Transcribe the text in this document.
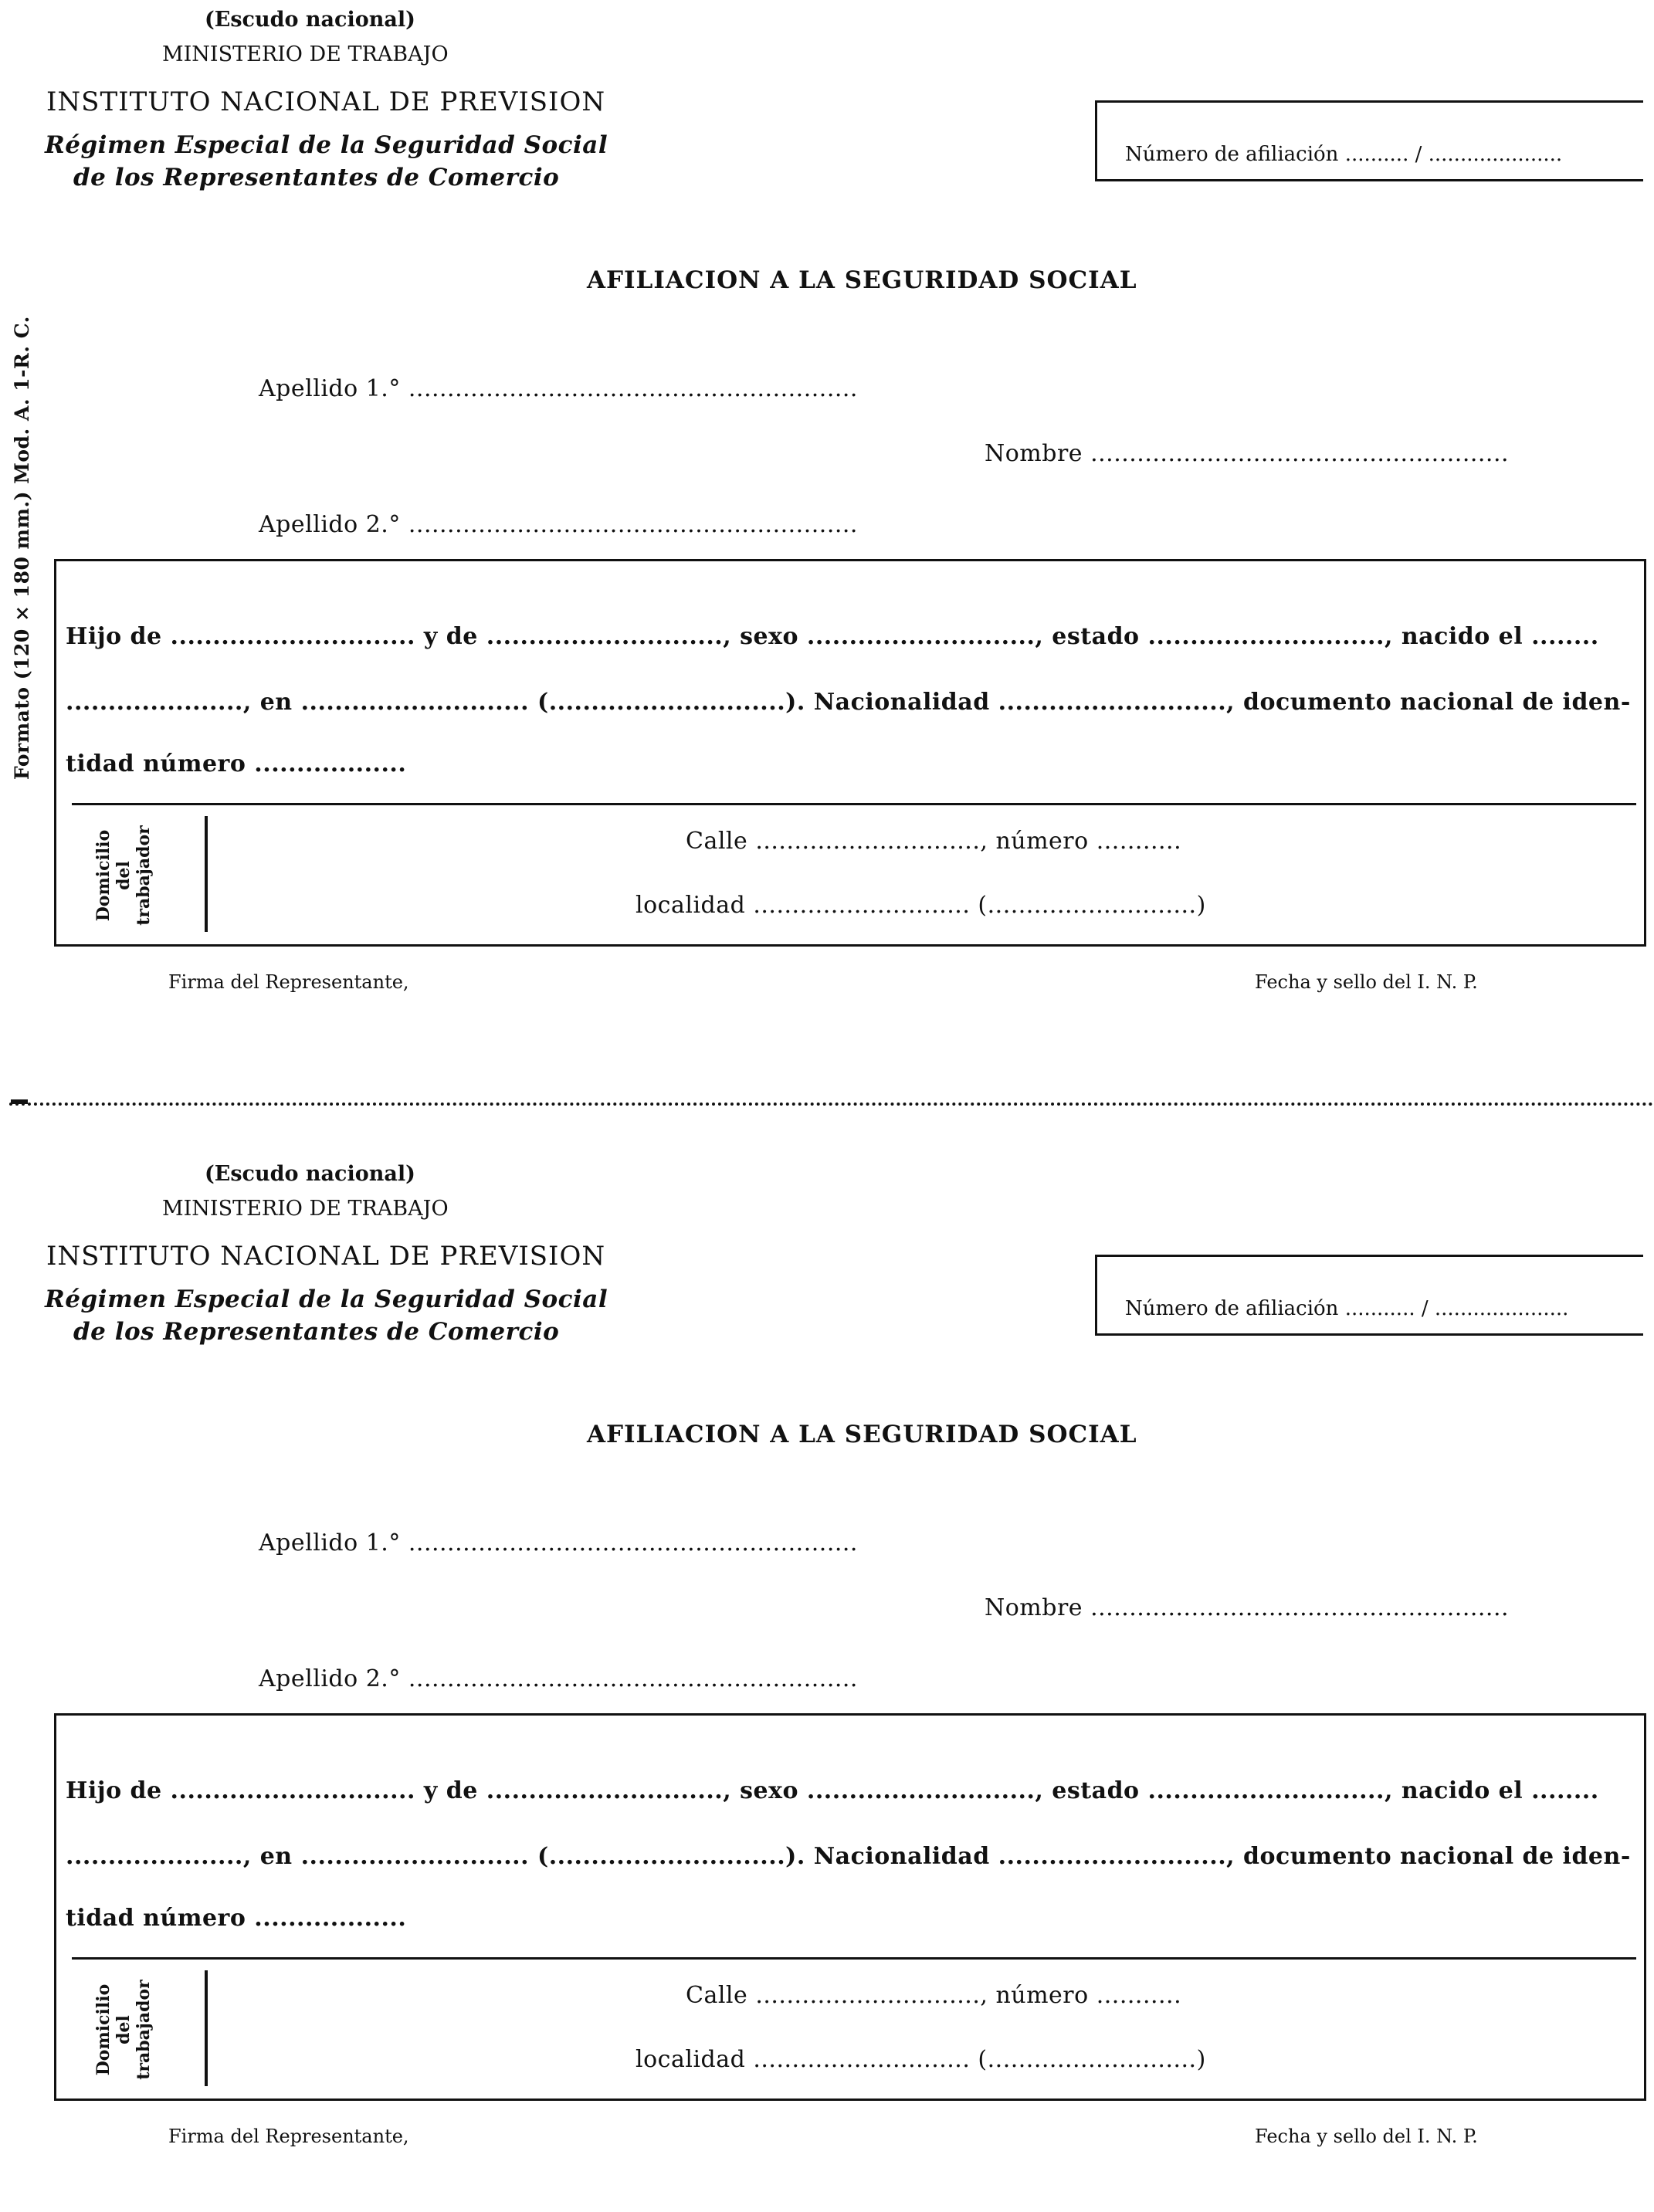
Formato (120 × 180 mm.) Mod. A. 1-R. C.
(Escudo nacional)
MINISTERIO DE TRABAJO
INSTITUTO NACIONAL DE PREVISION
Régimen Especial de la Seguridad Social
de los Representantes de Comercio
Número de afiliación .......... / .....................
AFILIACION A LA SEGURIDAD SOCIAL
Apellido 1.° ..........................................................
Nombre ......................................................
Apellido 2.° ..........................................................
Hijo de ............................. y de ............................, sexo ..........................., estado ............................, nacido el ........
....................., en ........................... (............................). Nacionalidad ..........................., documento nacional de iden-
tidad número ..................
Domicilio del trabajador	Calle ............................., número ...........
localidad ............................ (...........................)
Firma del Representante,	Fecha y sello del I. N. P.
(Escudo nacional)
MINISTERIO DE TRABAJO
INSTITUTO NACIONAL DE PREVISION
Régimen Especial de la Seguridad Social
de los Representantes de Comercio
Número de afiliación ........... / .....................
AFILIACION A LA SEGURIDAD SOCIAL
Apellido 1.° ..........................................................
Nombre ......................................................
Apellido 2.° ..........................................................
Hijo de ............................. y de ............................, sexo ..........................., estado ............................, nacido el ........
....................., en ........................... (............................). Nacionalidad ..........................., documento nacional de iden-
tidad número ..................
Domicilio del trabajador	Calle ............................., número ...........
localidad ............................ (...........................)
Firma del Representante,	Fecha y sello del I. N. P.
